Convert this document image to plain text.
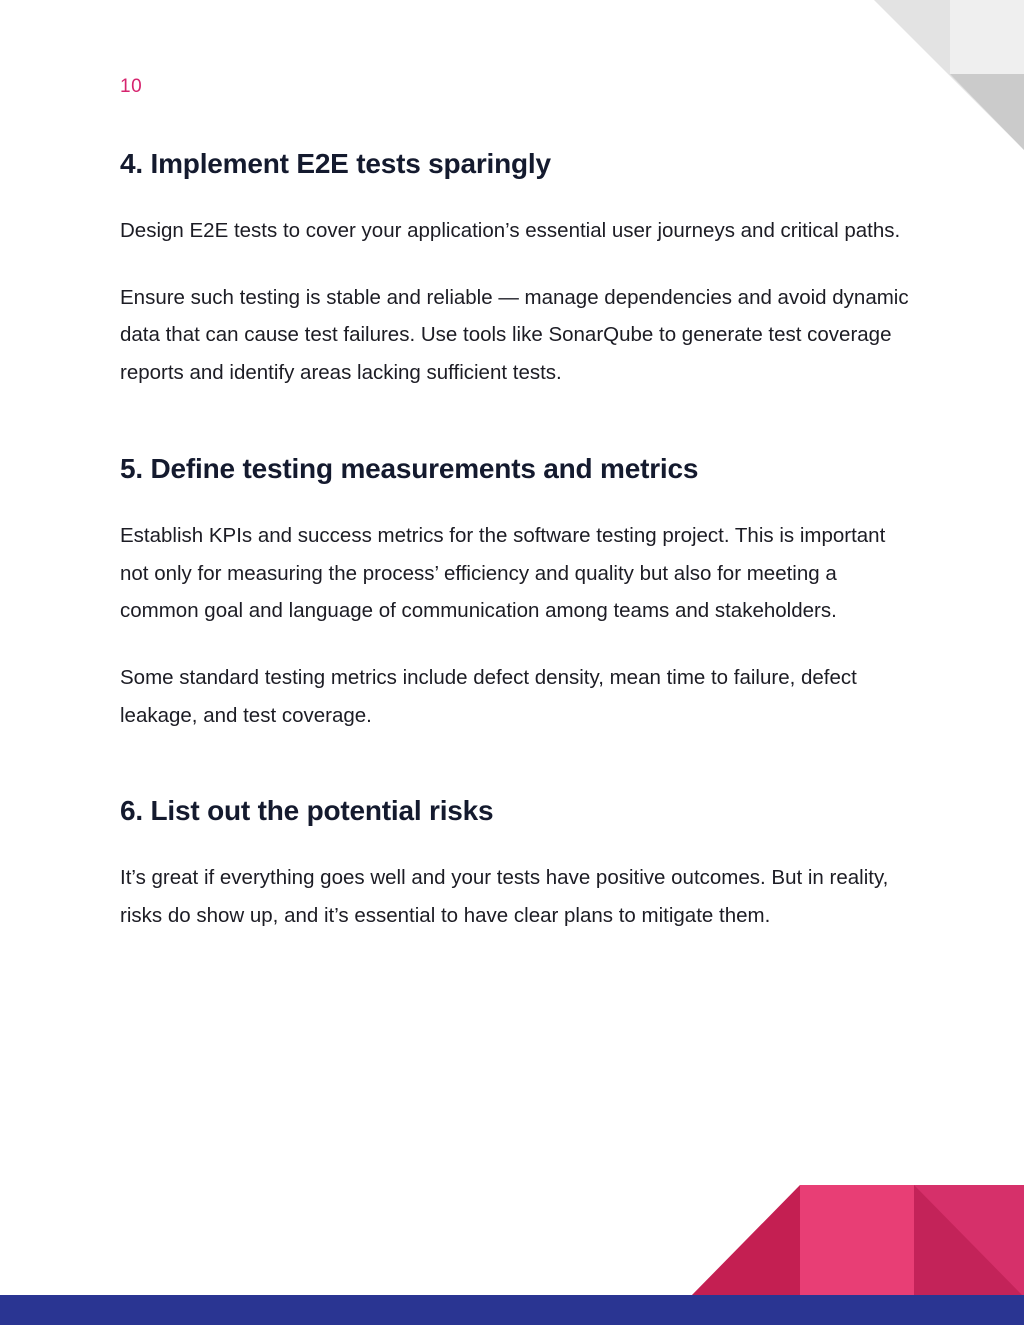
10
4. Implement E2E tests sparingly

Design E2E tests to cover your application’s essential user journeys and critical paths.

Ensure such testing is stable and reliable — manage dependencies and avoid dynamic data that can cause test failures. Use tools like SonarQube to generate test coverage reports and identify areas lacking sufficient tests.

5. Define testing measurements and metrics

Establish KPIs and success metrics for the software testing project. This is important not only for measuring the process’ efficiency and quality but also for meeting a common goal and language of communication among teams and stakeholders.

Some standard testing metrics include defect density, mean time to failure, defect leakage, and test coverage.

6. List out the potential risks

It’s great if everything goes well and your tests have positive outcomes. But in reality, risks do show up, and it’s essential to have clear plans to mitigate them.
